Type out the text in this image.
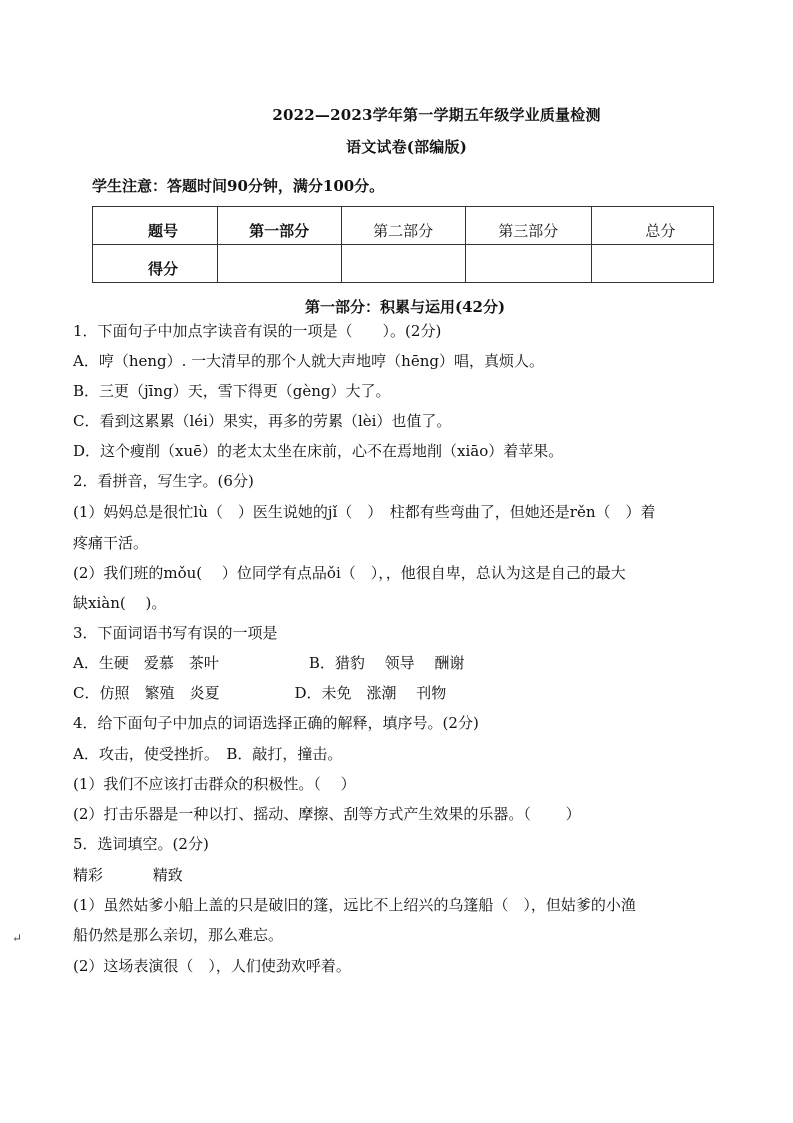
2022—2023学年第一学期五年级学业质量检测
语文试卷(部编版)
学生注意：答题时间90分钟，满分100分。
题号	第一部分	第二部分	第三部分	总分
得分				
第一部分：积累与运用(42分)
1．下面句子中加点字读音有误的一项是（　　）。(2分)
A．哼（heng）. 一大清早的那个人就大声地哼（hēng）唱，真烦人。
B．三更（jīng）天，雪下得更（gèng）大了。
C．看到这累累（léi）果实，再多的劳累（lèi）也值了。
D．这个瘦削（xuē）的老太太坐在床前，心不在焉地削（xiāo）着苹果。
2．看拼音，写生字。(6分)
(1）妈妈总是很忙lù（　）医生说她的jǐ（　）　柱都有些弯曲了，但她还是rěn（　）着
疼痛干活。
(2）我们班的mǒu(　 ）位同学有点品ǒi（　），，他很自卑，总认为这是自己的最大
缺xiàn(　 )。
3．下面词语书写有误的一项是
A．生硬　爱慕　茶叶　　　　　　B．猎豹　 领导　 酬谢
C．仿照　繁殖　炎夏　　　　　D．未免　涨潮　 刊物
4．给下面句子中加点的词语选择正确的解释，填序号。(2分)
A．攻击，使受挫折。　B．敲打，撞击。
(1）我们不应该打击群众的积极性。（　 ）
(2）打击乐器是一种以打、摇动、摩擦、刮等方式产生效果的乐器。（　　 ）
5．选词填空。(2分)
精彩　　　 精致
(1）虽然姑爹小船上盖的只是破旧的篷，远比不上绍兴的乌篷船（　），但姑爹的小渔
船仍然是那么亲切，那么难忘。
(2）这场表演很（　），人们使劲欢呼着。
↵
